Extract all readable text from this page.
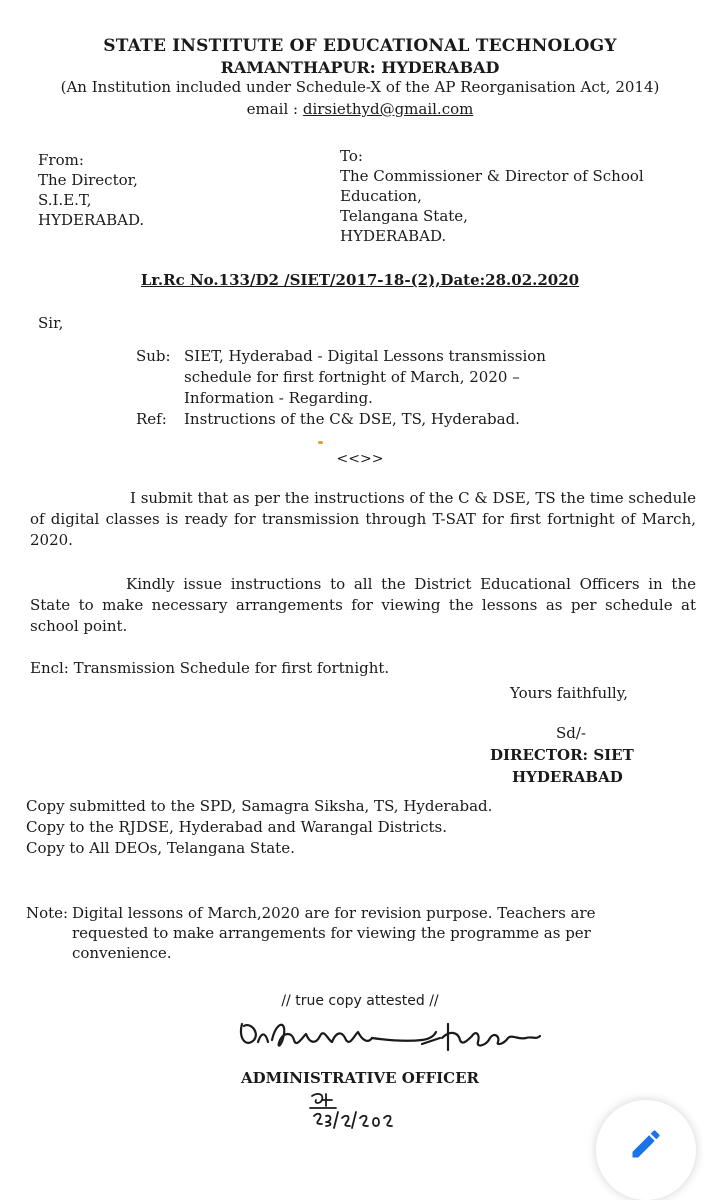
STATE INSTITUTE OF EDUCATIONAL TECHNOLOGY
RAMANTHAPUR: HYDERABAD
(An Institution included under Schedule-X of the AP Reorganisation Act, 2014)
email : dirsiethyd@gmail.com
From:
The Director,
S.I.E.T,
HYDERABAD.
To:
The Commissioner & Director of School
Education,
Telangana State,
HYDERABAD.
Lr.Rc No.133/D2 /SIET/2017-18-(2),Date:28.02.2020
Sir,
Sub: SIET, Hyderabad - Digital Lessons transmission schedule for first fortnight of March, 2020 – Information - Regarding.
Ref:	Instructions of the C& DSE, TS, Hyderabad.
<<>>
I submit that as per the instructions of the C & DSE, TS the time schedule of digital classes is ready for transmission through T-SAT for first fortnight of March, 2020.
Kindly issue instructions to all the District Educational Officers in the State to make necessary arrangements for viewing the lessons as per schedule at school point.
Encl: Transmission Schedule for first fortnight.
Yours faithfully,
Sd/-
DIRECTOR: SIET
HYDERABAD
Copy submitted to the SPD, Samagra Siksha, TS, Hyderabad.
Copy to the RJDSE, Hyderabad and Warangal Districts.
Copy to All DEOs, Telangana State.
Note: Digital lessons of March,2020 are for revision purpose. Teachers are requested to make arrangements for viewing the programme as per convenience.
// true copy attested //
ADMINISTRATIVE OFFICER
